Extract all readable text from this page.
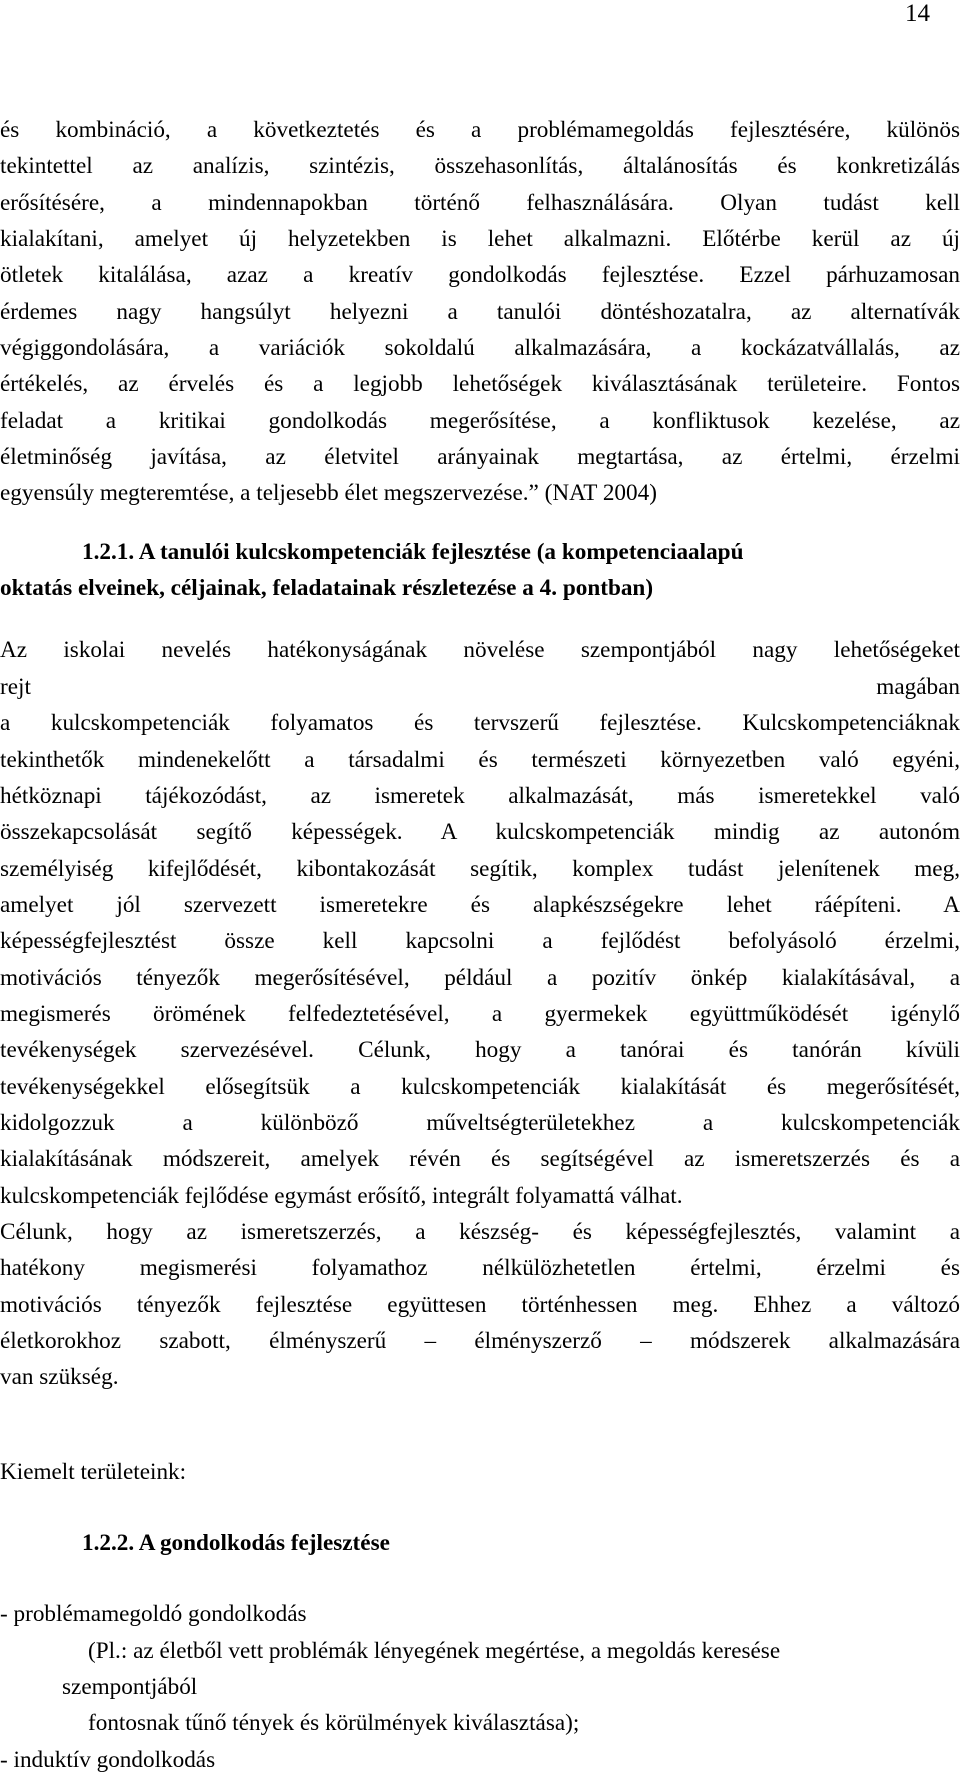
14
és kombináció, a következtetés és a problémamegoldás fejlesztésére, különös
tekintettel az analízis, szintézis, összehasonlítás, általánosítás és konkretizálás
erősítésére, a mindennapokban történő felhasználására. Olyan tudást kell
kialakítani, amelyet új helyzetekben is lehet alkalmazni. Előtérbe kerül az új
ötletek kitalálása, azaz a kreatív gondolkodás fejlesztése. Ezzel párhuzamosan
érdemes nagy hangsúlyt helyezni a tanulói döntéshozatalra, az alternatívák
végiggondolására, a variációk sokoldalú alkalmazására, a kockázatvállalás, az
értékelés, az érvelés és a legjobb lehetőségek kiválasztásának területeire. Fontos
feladat a kritikai gondolkodás megerősítése, a konfliktusok kezelése, az
életminőség javítása, az életvitel arányainak megtartása, az értelmi, érzelmi
egyensúly megteremtése, a teljesebb élet megszervezése.” (NAT 2004)
1.2.1. A tanulói kulcskompetenciák fejlesztése (a kompetenciaalapú
oktatás elveinek, céljainak, feladatainak részletezése a 4. pontban)
Az iskolai nevelés hatékonyságának növelése szempontjából nagy lehetőségeket
rejt magában
a kulcskompetenciák folyamatos és tervszerű fejlesztése. Kulcskompetenciáknak
tekinthetők mindenekelőtt a társadalmi és természeti környezetben való egyéni,
hétköznapi tájékozódást, az ismeretek alkalmazását, más ismeretekkel való
összekapcsolását segítő képességek. A kulcskompetenciák mindig az autonóm
személyiség kifejlődését, kibontakozását segítik, komplex tudást jelenítenek meg,
amelyet jól szervezett ismeretekre és alapkészségekre lehet ráépíteni. A
képességfejlesztést össze kell kapcsolni a fejlődést befolyásoló érzelmi,
motivációs tényezők megerősítésével, például a pozitív önkép kialakításával, a
megismerés örömének felfedeztetésével, a gyermekek együttműködését igénylő
tevékenységek szervezésével. Célunk, hogy a tanórai és tanórán kívüli
tevékenységekkel elősegítsük a kulcskompetenciák kialakítását és megerősítését,
kidolgozzuk a különböző műveltségterületekhez a kulcskompetenciák
kialakításának módszereit, amelyek révén és segítségével az ismeretszerzés és a
kulcskompetenciák fejlődése egymást erősítő, integrált folyamattá válhat.
Célunk, hogy az ismeretszerzés, a készség- és képességfejlesztés, valamint a
hatékony megismerési folyamathoz nélkülözhetetlen értelmi, érzelmi és
motivációs tényezők fejlesztése együttesen történhessen meg. Ehhez a változó
életkorokhoz szabott, élményszerű – élményszerző – módszerek alkalmazására
van szükség.
Kiemelt területeink:
1.2.2. A gondolkodás fejlesztése
- problémamegoldó gondolkodás
(Pl.: az életből vett problémák lényegének megértése, a megoldás keresése
szempontjából
fontosnak tűnő tények és körülmények kiválasztása);
- induktív gondolkodás
